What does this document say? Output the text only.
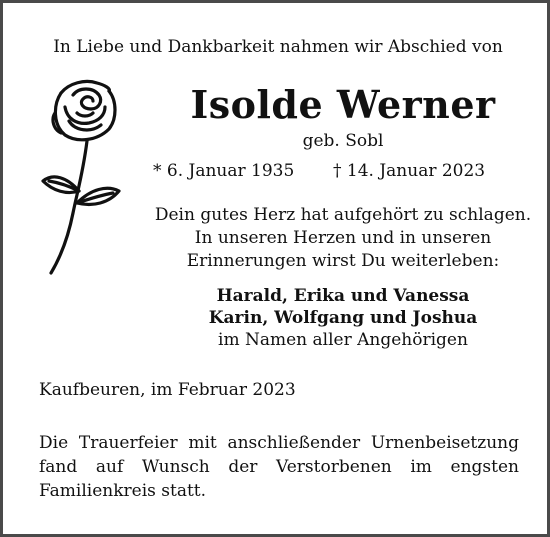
In Liebe und Dankbarkeit nahmen wir Abschied von
Isolde Werner
geb. Sobl
* 6. Januar 1935 † 14. Januar 2023
Dein gutes Herz hat aufgehört zu schlagen.
In unseren Herzen und in unseren
Erinnerungen wirst Du weiterleben:
Harald, Erika und Vanessa
Karin, Wolfgang und Joshua
im Namen aller Angehörigen
Kaufbeuren, im Februar 2023
Die Trauerfeier mit anschließender Urnenbeisetzung fand auf Wunsch der Verstorbenen im engsten Familienkreis statt.
